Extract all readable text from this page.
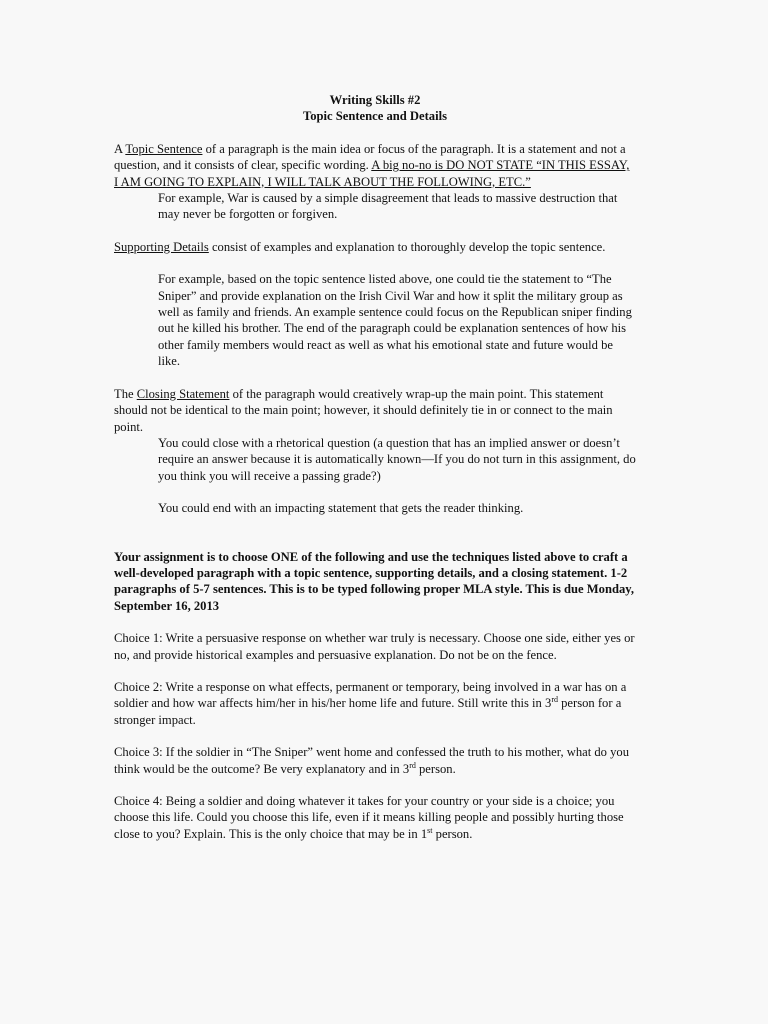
Writing Skills #2
Topic Sentence and Details

A Topic Sentence of a paragraph is the main idea or focus of the paragraph. It is a statement and not a question, and it consists of clear, specific wording. A big no-no is DO NOT STATE “IN THIS ESSAY, I AM GOING TO EXPLAIN, I WILL TALK ABOUT THE FOLLOWING, ETC.”

For example, War is caused by a simple disagreement that leads to massive destruction that may never be forgotten or forgiven.

Supporting Details consist of examples and explanation to thoroughly develop the topic sentence.

For example, based on the topic sentence listed above, one could tie the statement to “The Sniper” and provide explanation on the Irish Civil War and how it split the military group as well as family and friends. An example sentence could focus on the Republican sniper finding out he killed his brother. The end of the paragraph could be explanation sentences of how his other family members would react as well as what his emotional state and future would be like.

The Closing Statement of the paragraph would creatively wrap-up the main point. This statement should not be identical to the main point; however, it should definitely tie in or connect to the main point.

You could close with a rhetorical question (a question that has an implied answer or doesn’t require an answer because it is automatically known—If you do not turn in this assignment, do you think you will receive a passing grade?)

You could end with an impacting statement that gets the reader thinking.

Your assignment is to choose ONE of the following and use the techniques listed above to craft a well-developed paragraph with a topic sentence, supporting details, and a closing statement. 1-2 paragraphs of 5-7 sentences. This is to be typed following proper MLA style. This is due Monday, September 16, 2013

Choice 1: Write a persuasive response on whether war truly is necessary. Choose one side, either yes or no, and provide historical examples and persuasive explanation. Do not be on the fence.

Choice 2: Write a response on what effects, permanent or temporary, being involved in a war has on a soldier and how war affects him/her in his/her home life and future. Still write this in 3rd person for a stronger impact.

Choice 3: If the soldier in “The Sniper” went home and confessed the truth to his mother, what do you think would be the outcome? Be very explanatory and in 3rd person.

Choice 4: Being a soldier and doing whatever it takes for your country or your side is a choice; you choose this life. Could you choose this life, even if it means killing people and possibly hurting those close to you? Explain. This is the only choice that may be in 1st person.
